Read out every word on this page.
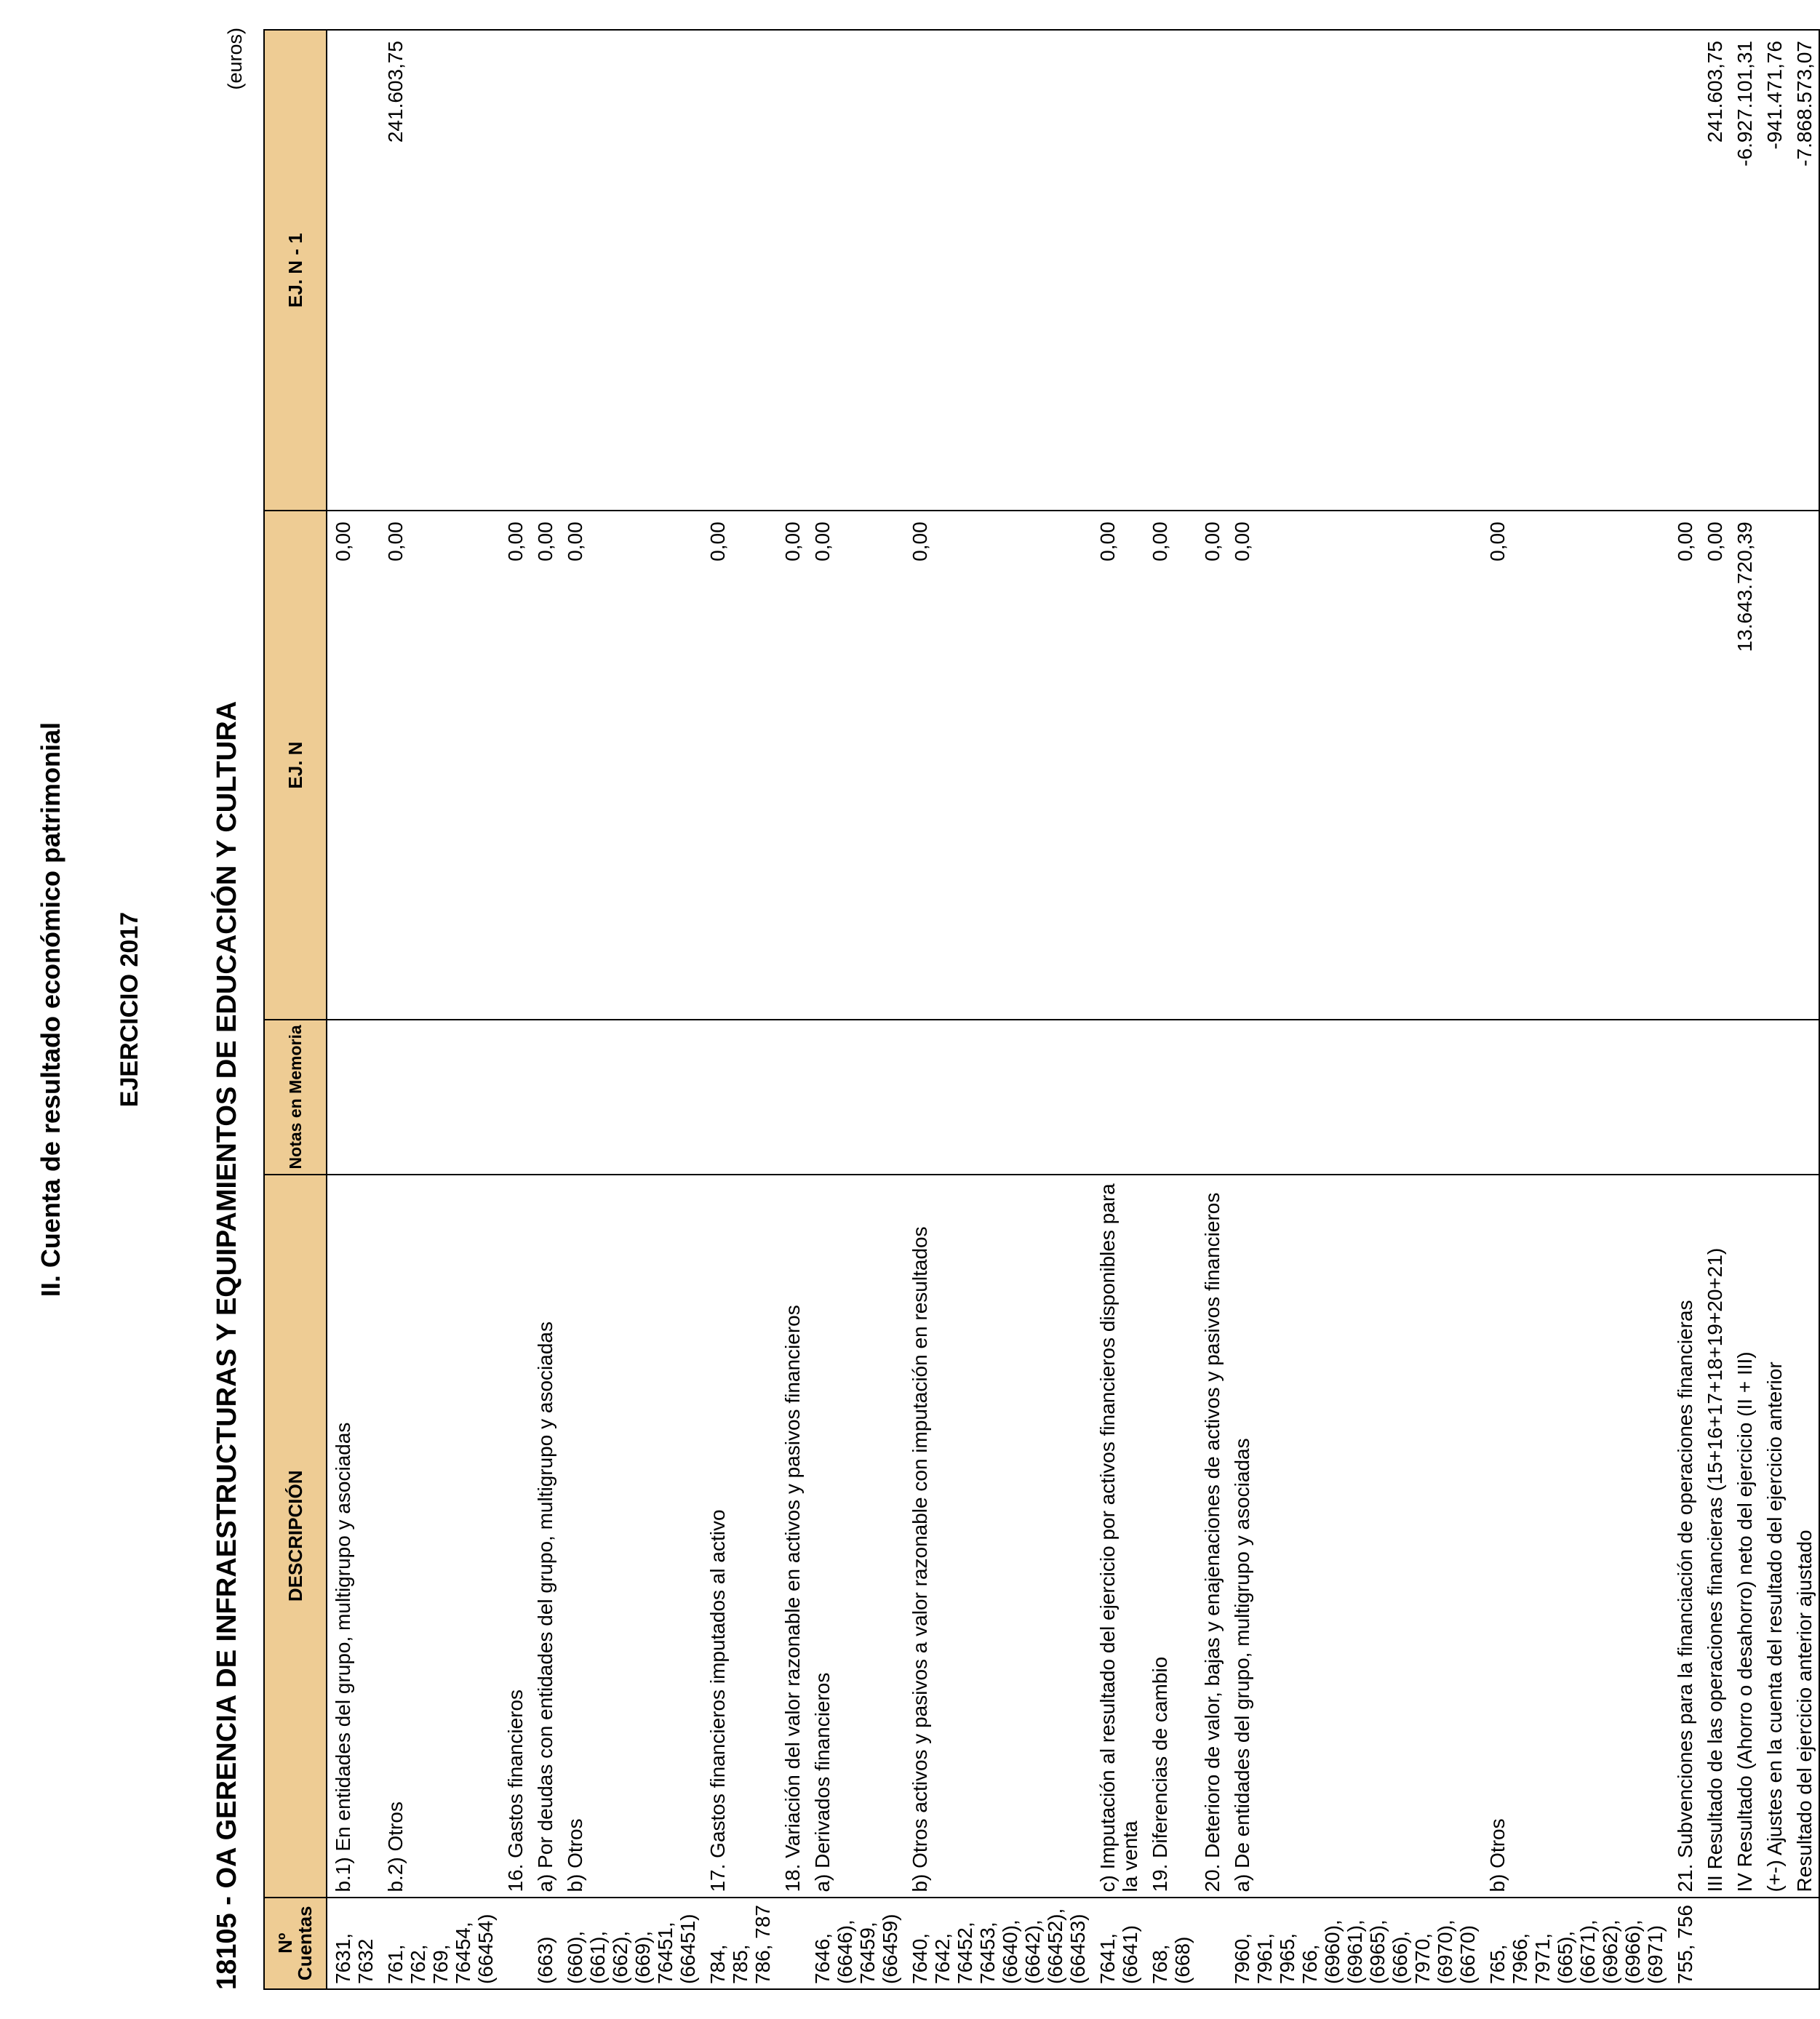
II. Cuenta de resultado económico patrimonial EJERCICIO 2017 18105 - OA GERENCIA DE INFRAESTRUCTURAS Y EQUIPAMIENTOS DE EDUCACIÓN Y CULTURA
(euros)
Nº Cuentas	DESCRIPCIÓN	Notas en Memoria	EJ. N	EJ. N - 1
7631, 7632	b.1) En entidades del grupo, multigrupo y asociadas		0,00	
761, 762, 769, 76454, (66454)	b.2) Otros		0,00	241.603,75
	16. Gastos financieros		0,00	
(663)	a) Por deudas con entidades del grupo, multigrupo y asociadas		0,00	
(660), (661), (662), (669), 76451, (66451)	b) Otros		0,00	
784, 785, 786, 787	17. Gastos financieros imputados al activo		0,00	
	18. Variación del valor razonable en activos y pasivos financieros		0,00	
7646, (6646), 76459, (66459)	a) Derivados financieros		0,00	
7640, 7642, 76452, 76453, (6640), (6642), (66452), (66453)	b) Otros activos y pasivos a valor razonable con imputación en resultados		0,00	
7641, (6641)	c) Imputación al resultado del ejercicio por activos financieros disponibles para la venta		0,00	
768, (668)	19. Diferencias de cambio		0,00	
	20. Deterioro de valor, bajas y enajenaciones de activos y pasivos financieros		0,00	
7960, 7961, 7965, 766, (6960), (6961), (6965), (666), 7970, (6970), (6670)	a) De entidades del grupo, multigrupo y asociadas		0,00	
765, 7966, 7971, (665), (6671), (6962), (6966), (6971)	b) Otros		0,00	
755, 756	21. Subvenciones para la financiación de operaciones financieras		0,00	
	III Resultado de las operaciones financieras (15+16+17+18+19+20+21)		0,00	241.603,75
	IV Resultado (Ahorro o desahorro) neto del ejercicio (II + III)		13.643.720,39	-6.927.101,31
	(+-) Ajustes en la cuenta del resultado del ejercicio anterior			-941.471,76
	Resultado del ejercicio anterior ajustado			-7.868.573,07
